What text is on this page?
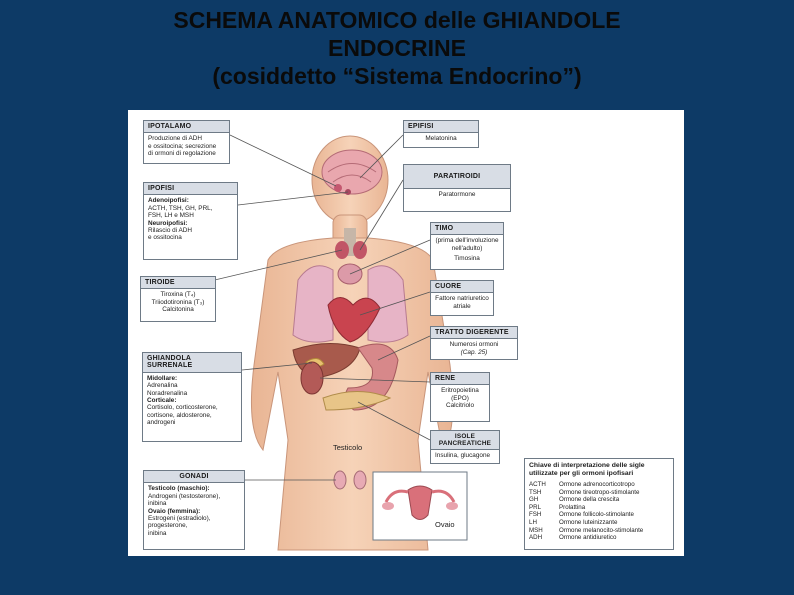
SCHEMA ANATOMICO delle GHIANDOLE
ENDOCRINE
(cosiddetto “Sistema Endocrino”)
IPOTALAMO
Produzione di ADH
e ossitocina; secrezione
di ormoni di regolazione
IPOFISI
Adenoipofisi:
ACTH, TSH, GH, PRL,
FSH, LH e MSH
Neuroipofisi:
Rilascio di ADH
e ossitocina
TIROIDE
Tiroxina (T₄)
Triiodotironina (T₃)
Calcitonina
GHIANDOLA SURRENALE
Midollare:
Adrenalina
Noradrenalina
Corticale:
Cortisolo, corticosterone,
cortisone, aldosterone,
androgeni
GONADI
Testicolo (maschio):
Androgeni (testosterone),
inibina
Ovaio (femmina):
Estrogeni (estradiolo),
progesterone,
inibina
EPIFISI
Melatonina
PARATIROIDI
Paratormone
TIMO
(prima dell'involuzione
nell'adulto)
Timosina
CUORE
Fattore natriuretico
atriale
TRATTO DIGERENTE
Numerosi ormoni
(Cap. 25)
RENE
Eritropoietina
(EPO)
Calcitriolo
ISOLE PANCREATICHE
Insulina, glucagone
Testicolo
Ovaio
Chiave di interpretazione delle sigle utilizzate per gli ormoni ipofisari
ACTH	Ormone adrenocorticotropo
TSH	Ormone tireotropo-stimolante
GH	Ormone della crescita
PRL	Prolattina
FSH	Ormone follicolo-stimolante
LH	Ormone luteinizzante
MSH	Ormone melanocito-stimolante
ADH	Ormone antidiuretico
